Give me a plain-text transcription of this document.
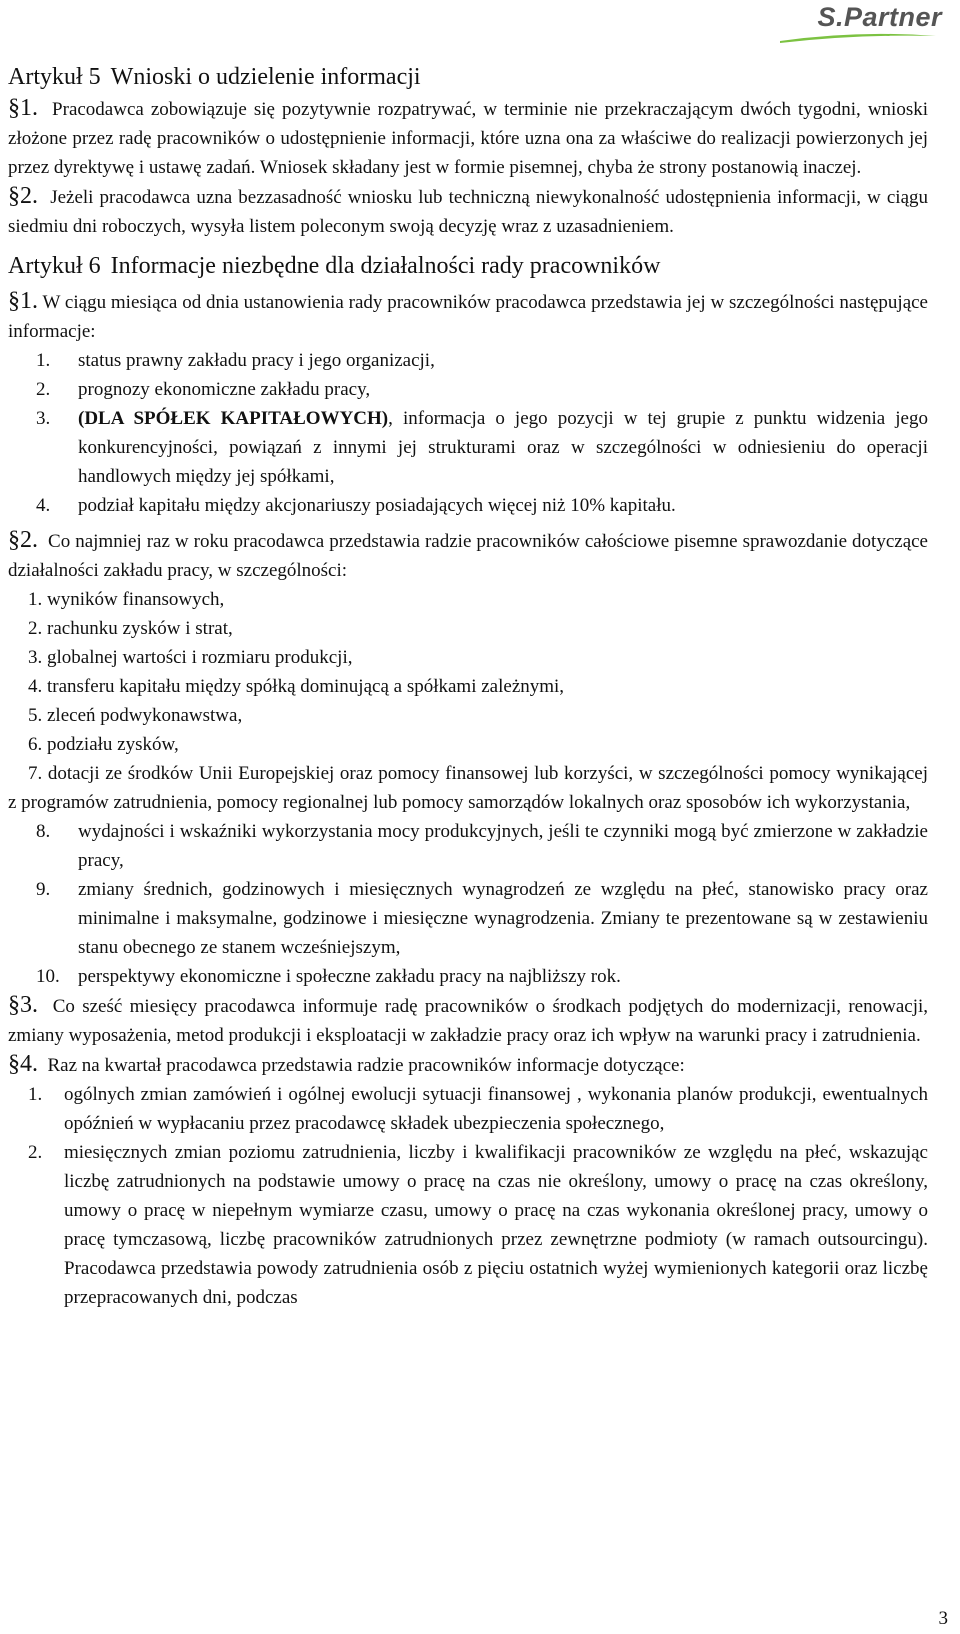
S.Partner
Artykuł 5 Wnioski o udzielenie informacji

§1. Pracodawca zobowiązuje się pozytywnie rozpatrywać, w terminie nie przekraczającym dwóch tygodni, wnioski złożone przez radę pracowników o udostępnienie informacji, które uzna ona za właściwe do realizacji powierzonych jej przez dyrektywę i ustawę zadań. Wniosek składany jest w formie pisemnej, chyba że strony postanowią inaczej.

§2. Jeżeli pracodawca uzna bezzasadność wniosku lub techniczną niewykonalność udostępnienia informacji, w ciągu siedmiu dni roboczych, wysyła listem poleconym swoją decyzję wraz z uzasadnieniem.

Artykuł 6 Informacje niezbędne dla działalności rady pracowników

§1. W ciągu miesiąca od dnia ustanowienia rady pracowników pracodawca przedstawia jej w szczególności następujące informacje:

1. status prawny zakładu pracy i jego organizacji,
2. prognozy ekonomiczne zakładu pracy,
3. (DLA SPÓŁEK KAPITAŁOWYCH), informacja o jego pozycji w tej grupie z punktu widzenia jego konkurencyjności, powiązań z innymi jej strukturami oraz w szczególności w odniesieniu do operacji handlowych między jej spółkami,
4. podział kapitału między akcjonariuszy posiadających więcej niż 10% kapitału.

§2. Co najmniej raz w roku pracodawca przedstawia radzie pracowników całościowe pisemne sprawozdanie dotyczące działalności zakładu pracy, w szczególności:

1. wyników finansowych,
2. rachunku zysków i strat,
3. globalnej wartości i rozmiaru produkcji,
4. transferu kapitału między spółką dominującą a spółkami zależnymi,
5. zleceń podwykonawstwa,
6. podziału zysków,

7. dotacji ze środków Unii Europejskiej oraz pomocy finansowej lub korzyści, w szczególności pomocy wynikającej z programów zatrudnienia, pomocy regionalnej lub pomocy samorządów lokalnych oraz sposobów ich wykorzystania,

8. wydajności i wskaźniki wykorzystania mocy produkcyjnych, jeśli te czynniki mogą być zmierzone w zakładzie pracy,
9. zmiany średnich, godzinowych i miesięcznych wynagrodzeń ze względu na płeć, stanowisko pracy oraz minimalne i maksymalne, godzinowe i miesięczne wynagrodzenia. Zmiany te prezentowane są w zestawieniu stanu obecnego ze stanem wcześniejszym,
10. perspektywy ekonomiczne i społeczne zakładu pracy na najbliższy rok.

§3. Co sześć miesięcy pracodawca informuje radę pracowników o środkach podjętych do modernizacji, renowacji, zmiany wyposażenia, metod produkcji i eksploatacji w zakładzie pracy oraz ich wpływ na warunki pracy i zatrudnienia.

§4. Raz na kwartał pracodawca przedstawia radzie pracowników informacje dotyczące:

1. ogólnych zmian zamówień i ogólnej ewolucji sytuacji finansowej , wykonania planów produkcji, ewentualnych opóźnień w wypłacaniu przez pracodawcę składek ubezpieczenia społecznego,
2. miesięcznych zmian poziomu zatrudnienia, liczby i kwalifikacji pracowników ze względu na płeć, wskazując liczbę zatrudnionych na podstawie umowy o pracę na czas nie określony, umowy o pracę na czas określony, umowy o pracę w niepełnym wymiarze czasu, umowy o pracę na czas wykonania określonej pracy, umowy o pracę tymczasową, liczbę pracowników zatrudnionych przez zewnętrzne podmioty (w ramach outsourcingu). Pracodawca przedstawia powody zatrudnienia osób z pięciu ostatnich wyżej wymienionych kategorii oraz liczbę przepracowanych dni, podczas
3
